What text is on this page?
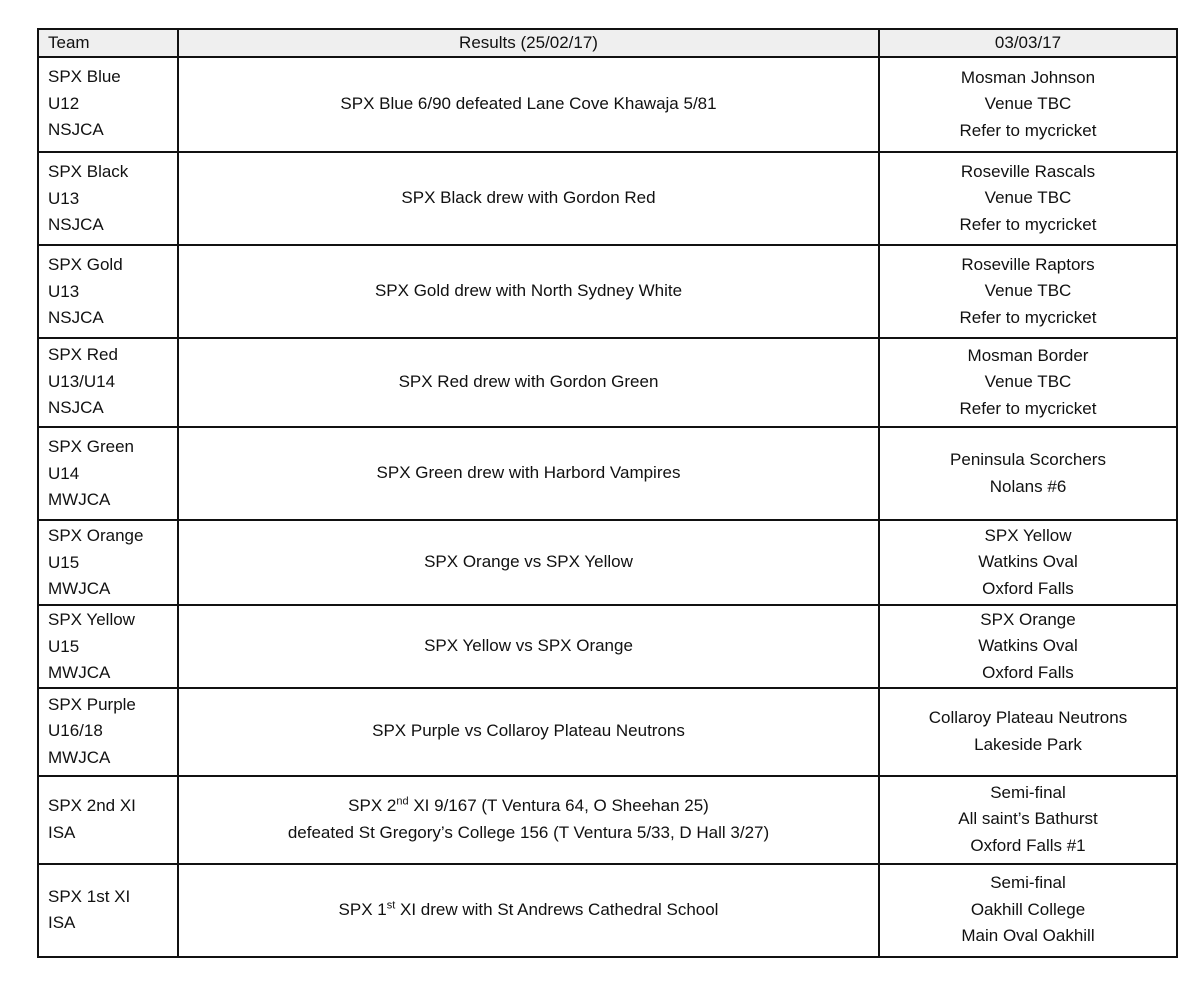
Team	Results (25/02/17)	03/03/17

SPX Blue
U12
NSJCA	SPX Blue 6/90 defeated Lane Cove Khawaja 5/81	Mosman Johnson
Venue TBC
Refer to mycricket

SPX Black
U13
NSJCA	SPX Black drew with Gordon Red	Roseville Rascals
Venue TBC
Refer to mycricket

SPX Gold
U13
NSJCA	SPX Gold drew with North Sydney White	Roseville Raptors
Venue TBC
Refer to mycricket

SPX Red
U13/U14
NSJCA	SPX Red drew with Gordon Green	Mosman Border
Venue TBC
Refer to mycricket

SPX Green
U14
MWJCA	SPX Green drew with Harbord Vampires	Peninsula Scorchers
Nolans #6

SPX Orange
U15
MWJCA	SPX Orange vs SPX Yellow	SPX Yellow
Watkins Oval
Oxford Falls

SPX Yellow
U15
MWJCA	SPX Yellow vs SPX Orange	SPX Orange
Watkins Oval
Oxford Falls

SPX Purple
U16/18
MWJCA	SPX Purple vs Collaroy Plateau Neutrons	Collaroy Plateau Neutrons
Lakeside Park

SPX 2nd XI
ISA	SPX 2nd XI 9/167 (T Ventura 64, O Sheehan 25)
defeated St Gregory’s College 156 (T Ventura 5/33, D Hall 3/27)	Semi-final
All saint’s Bathurst
Oxford Falls #1

SPX 1st XI
ISA	SPX 1st XI drew with St Andrews Cathedral School	Semi-final
Oakhill College
Main Oval Oakhill
